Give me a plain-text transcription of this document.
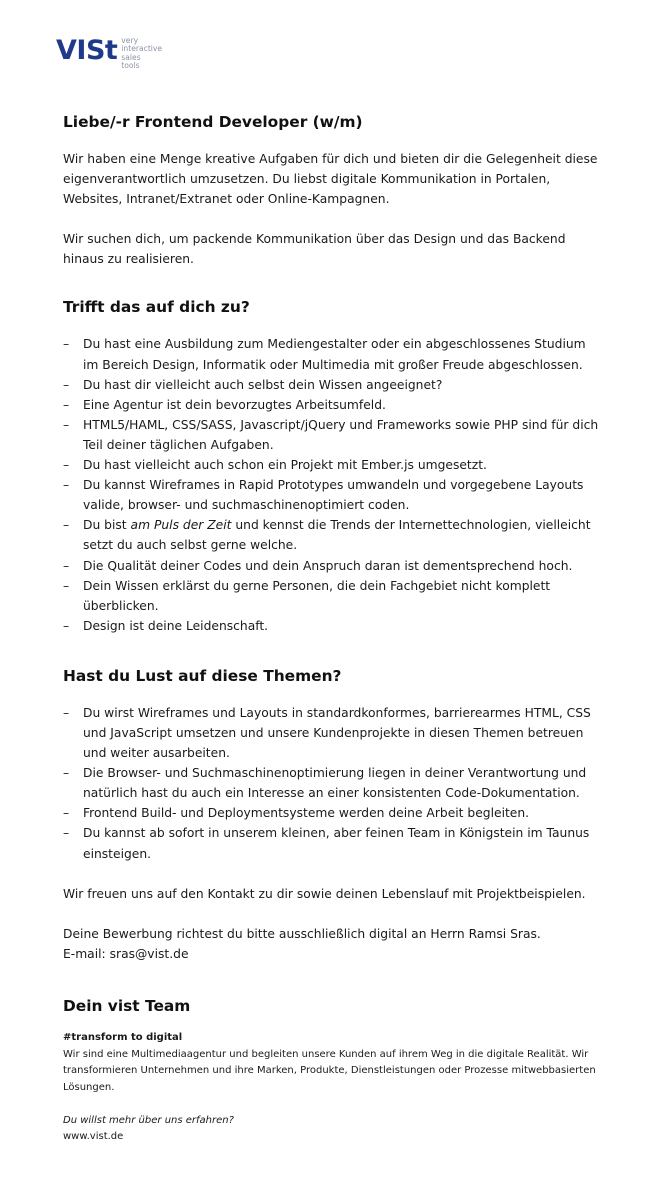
VISt very
interactive
sales
tools
Liebe/-r Frontend Developer (w/m)

Wir haben eine Menge kreative Aufgaben für dich und bieten dir die Gelegenheit diese eigenverantwortlich umzusetzen. Du liebst digitale Kommunikation in Portalen, Websites, Intranet/Extranet oder Online-Kampagnen.

Wir suchen dich, um packende Kommunikation über das Design und das Backend hinaus zu realisieren.

Trifft das auf dich zu?
– Du hast eine Ausbildung zum Mediengestalter oder ein abgeschlossenes Studium im Bereich Design, Informatik oder Multimedia mit großer Freude abgeschlossen.
– Du hast dir vielleicht auch selbst dein Wissen angeeignet?
– Eine Agentur ist dein bevorzugtes Arbeitsumfeld.
– HTML5/HAML, CSS/SASS, Javascript/jQuery und Frameworks sowie PHP sind für dich Teil deiner täglichen Aufgaben.
– Du hast vielleicht auch schon ein Projekt mit Ember.js umgesetzt.
– Du kannst Wireframes in Rapid Prototypes umwandeln und vorgegebene Layouts valide, browser- und suchmaschinenoptimiert coden.
– Du bist am Puls der Zeit und kennst die Trends der Internettechnologien, vielleicht setzt du auch selbst gerne welche.
– Die Qualität deiner Codes und dein Anspruch daran ist dementsprechend hoch.
– Dein Wissen erklärst du gerne Personen, die dein Fachgebiet nicht komplett überblicken.
– Design ist deine Leidenschaft.
Hast du Lust auf diese Themen?
– Du wirst Wireframes und Layouts in standardkonformes, barrierearmes HTML, CSS und JavaScript umsetzen und unsere Kundenprojekte in diesen Themen betreuen und weiter ausarbeiten.
– Die Browser- und Suchmaschinenoptimierung liegen in deiner Verantwortung und natürlich hast du auch ein Interesse an einer konsistenten Code-Dokumentation.
– Frontend Build- und Deploymentsysteme werden deine Arbeit begleiten.
– Du kannst ab sofort in unserem kleinen, aber feinen Team in Königstein im Taunus einsteigen.

Wir freuen uns auf den Kontakt zu dir sowie deinen Lebenslauf mit Projektbeispielen.

Deine Bewerbung richtest du bitte ausschließlich digital an Herrn Ramsi Sras.
E-mail: sras@vist.de

Dein vist Team

#transform to digital

Wir sind eine Multimediaagentur und begleiten unsere Kunden auf ihrem Weg in die digitale Realität. Wir transformieren Unternehmen und ihre Marken, Produkte, Dienstleistungen oder Prozesse mitwebbasierten Lösungen.

Du willst mehr über uns erfahren?

www.vist.de
